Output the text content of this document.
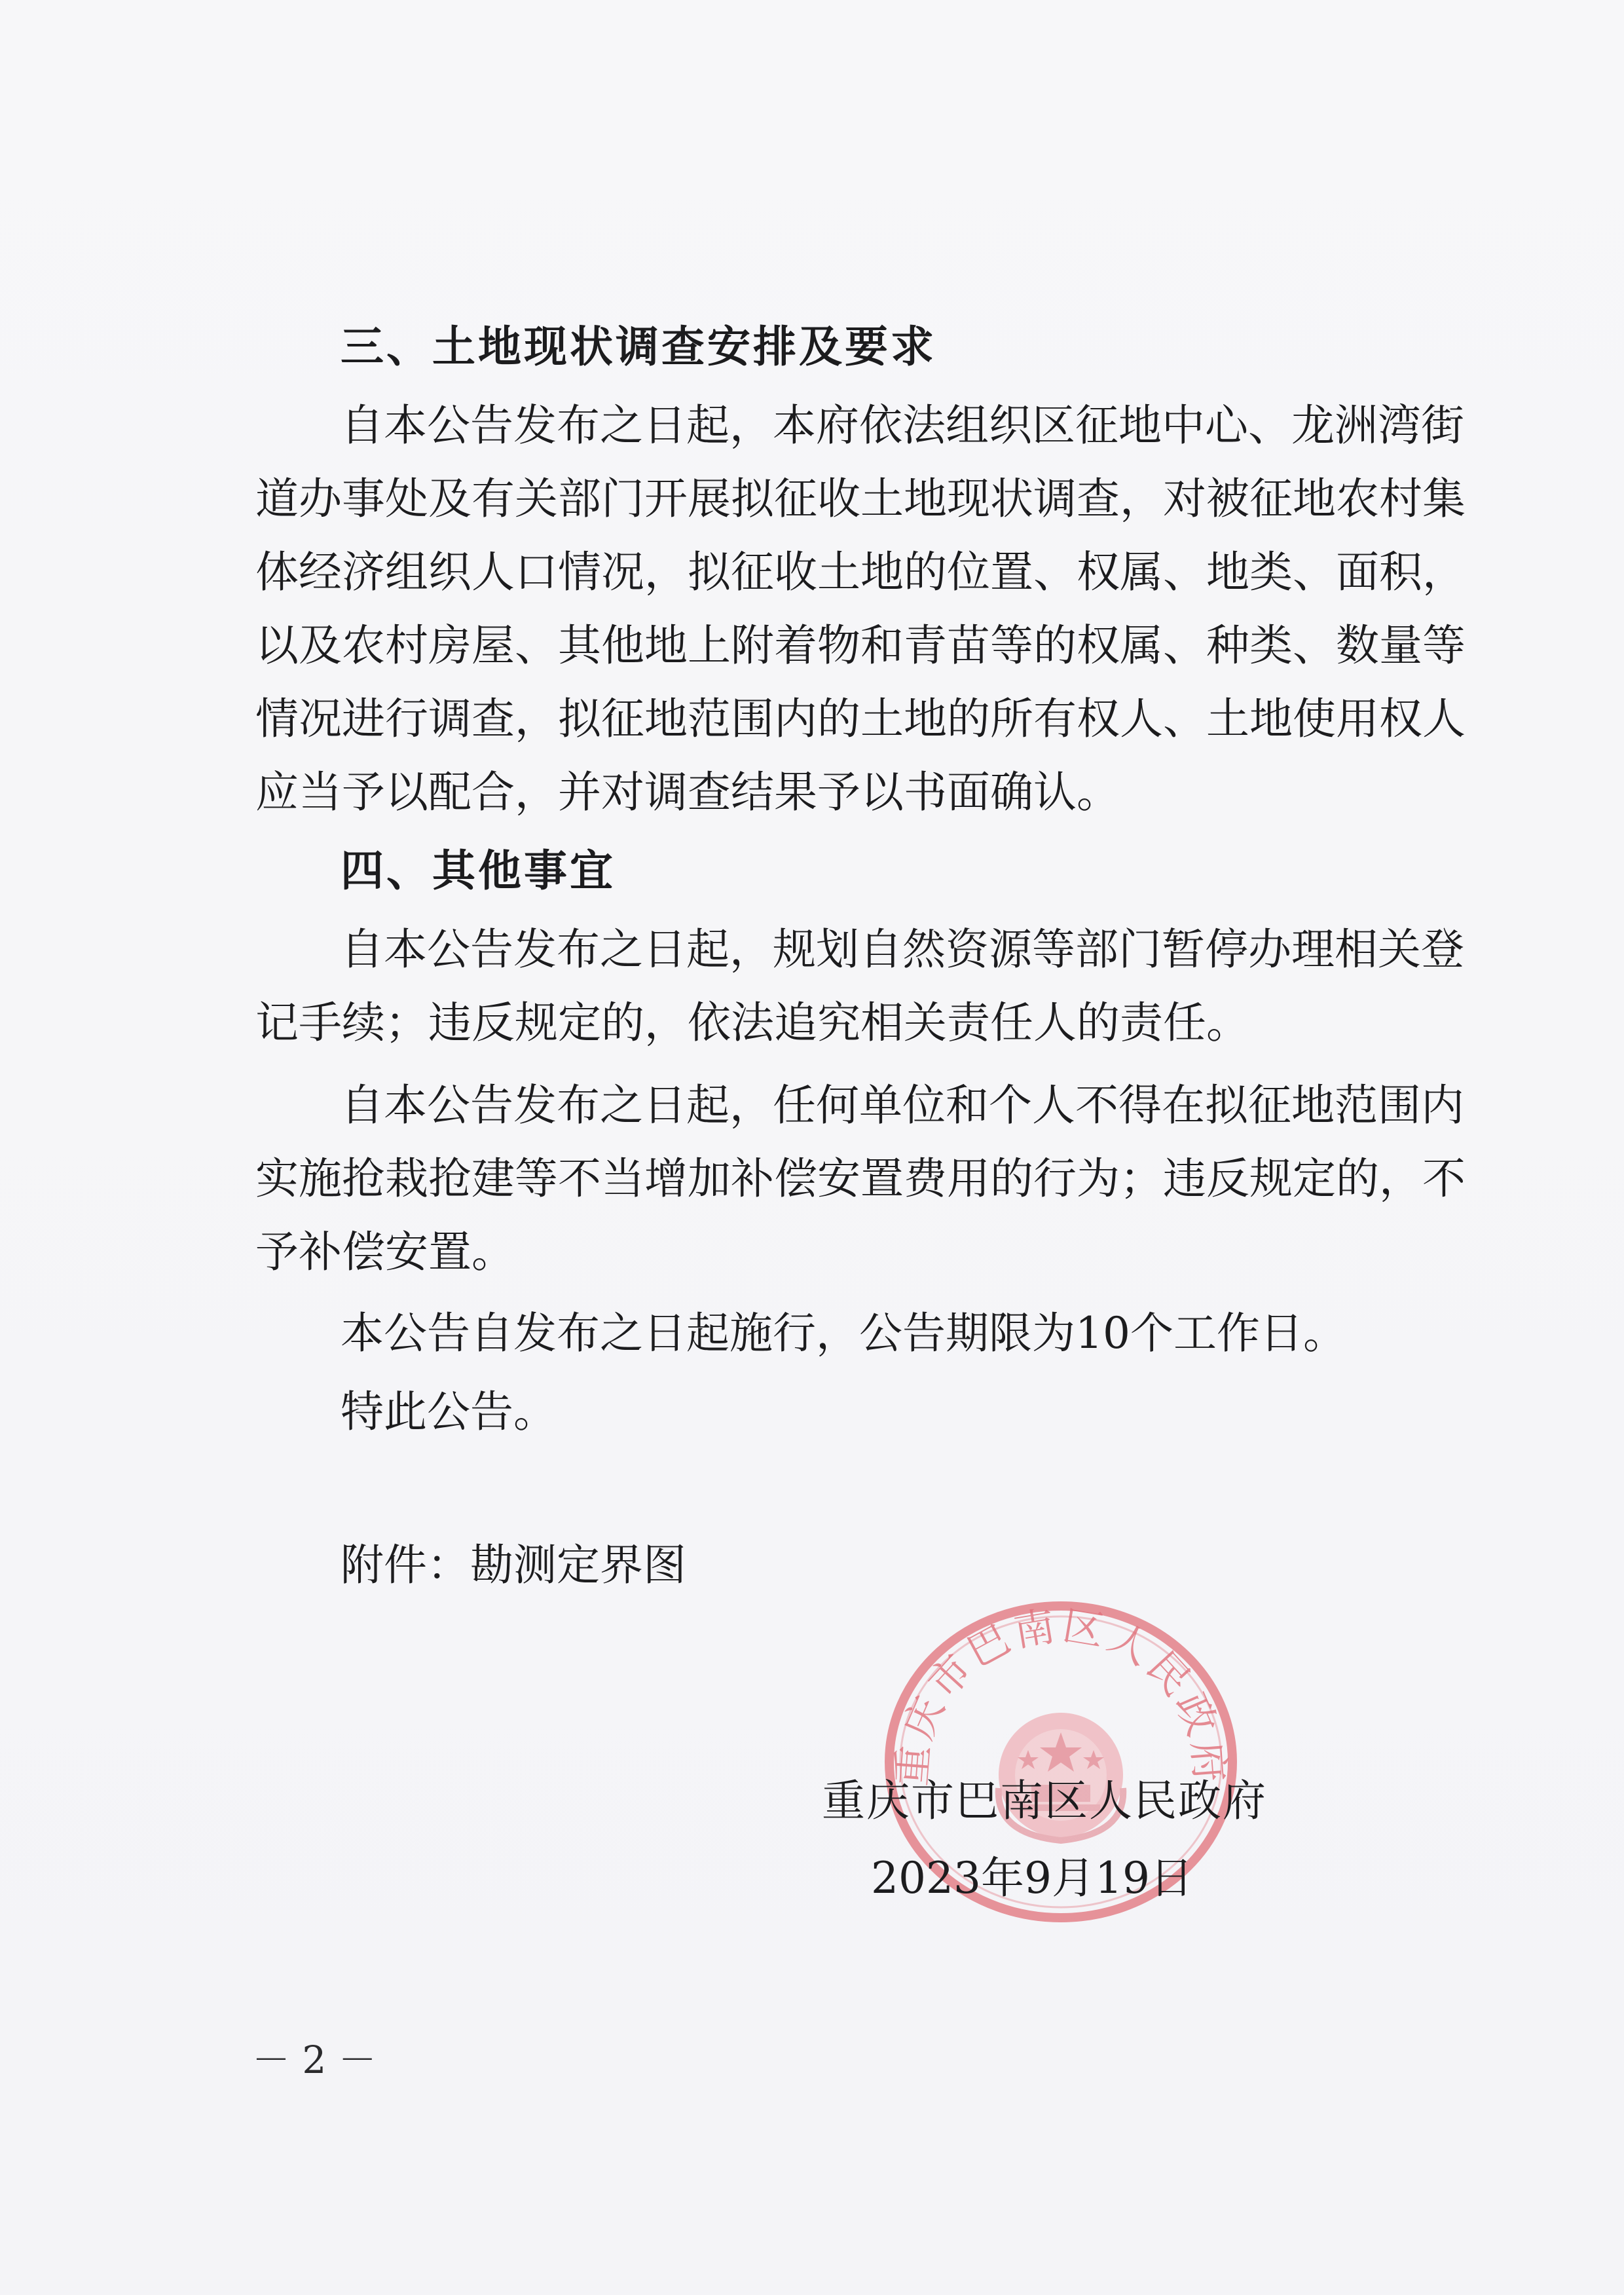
三、土地现状调查安排及要求
自本公告发布之日起，本府依法组织区征地中心、龙洲湾街
道办事处及有关部门开展拟征收土地现状调查，对被征地农村集
体经济组织人口情况，拟征收土地的位置、权属、地类、面积，
以及农村房屋、其他地上附着物和青苗等的权属、种类、数量等
情况进行调查，拟征地范围内的土地的所有权人、土地使用权人
应当予以配合，并对调查结果予以书面确认。
四、其他事宜
自本公告发布之日起，规划自然资源等部门暂停办理相关登
记手续；违反规定的，依法追究相关责任人的责任。
自本公告发布之日起，任何单位和个人不得在拟征地范围内
实施抢栽抢建等不当增加补偿安置费用的行为；违反规定的，不
予补偿安置。
本公告自发布之日起施行，公告期限为10个工作日。
特此公告。
附件：勘测定界图
重庆市巴南区人民政府
重庆市巴南区人民政府
2023年9月19日
－ 2 －
